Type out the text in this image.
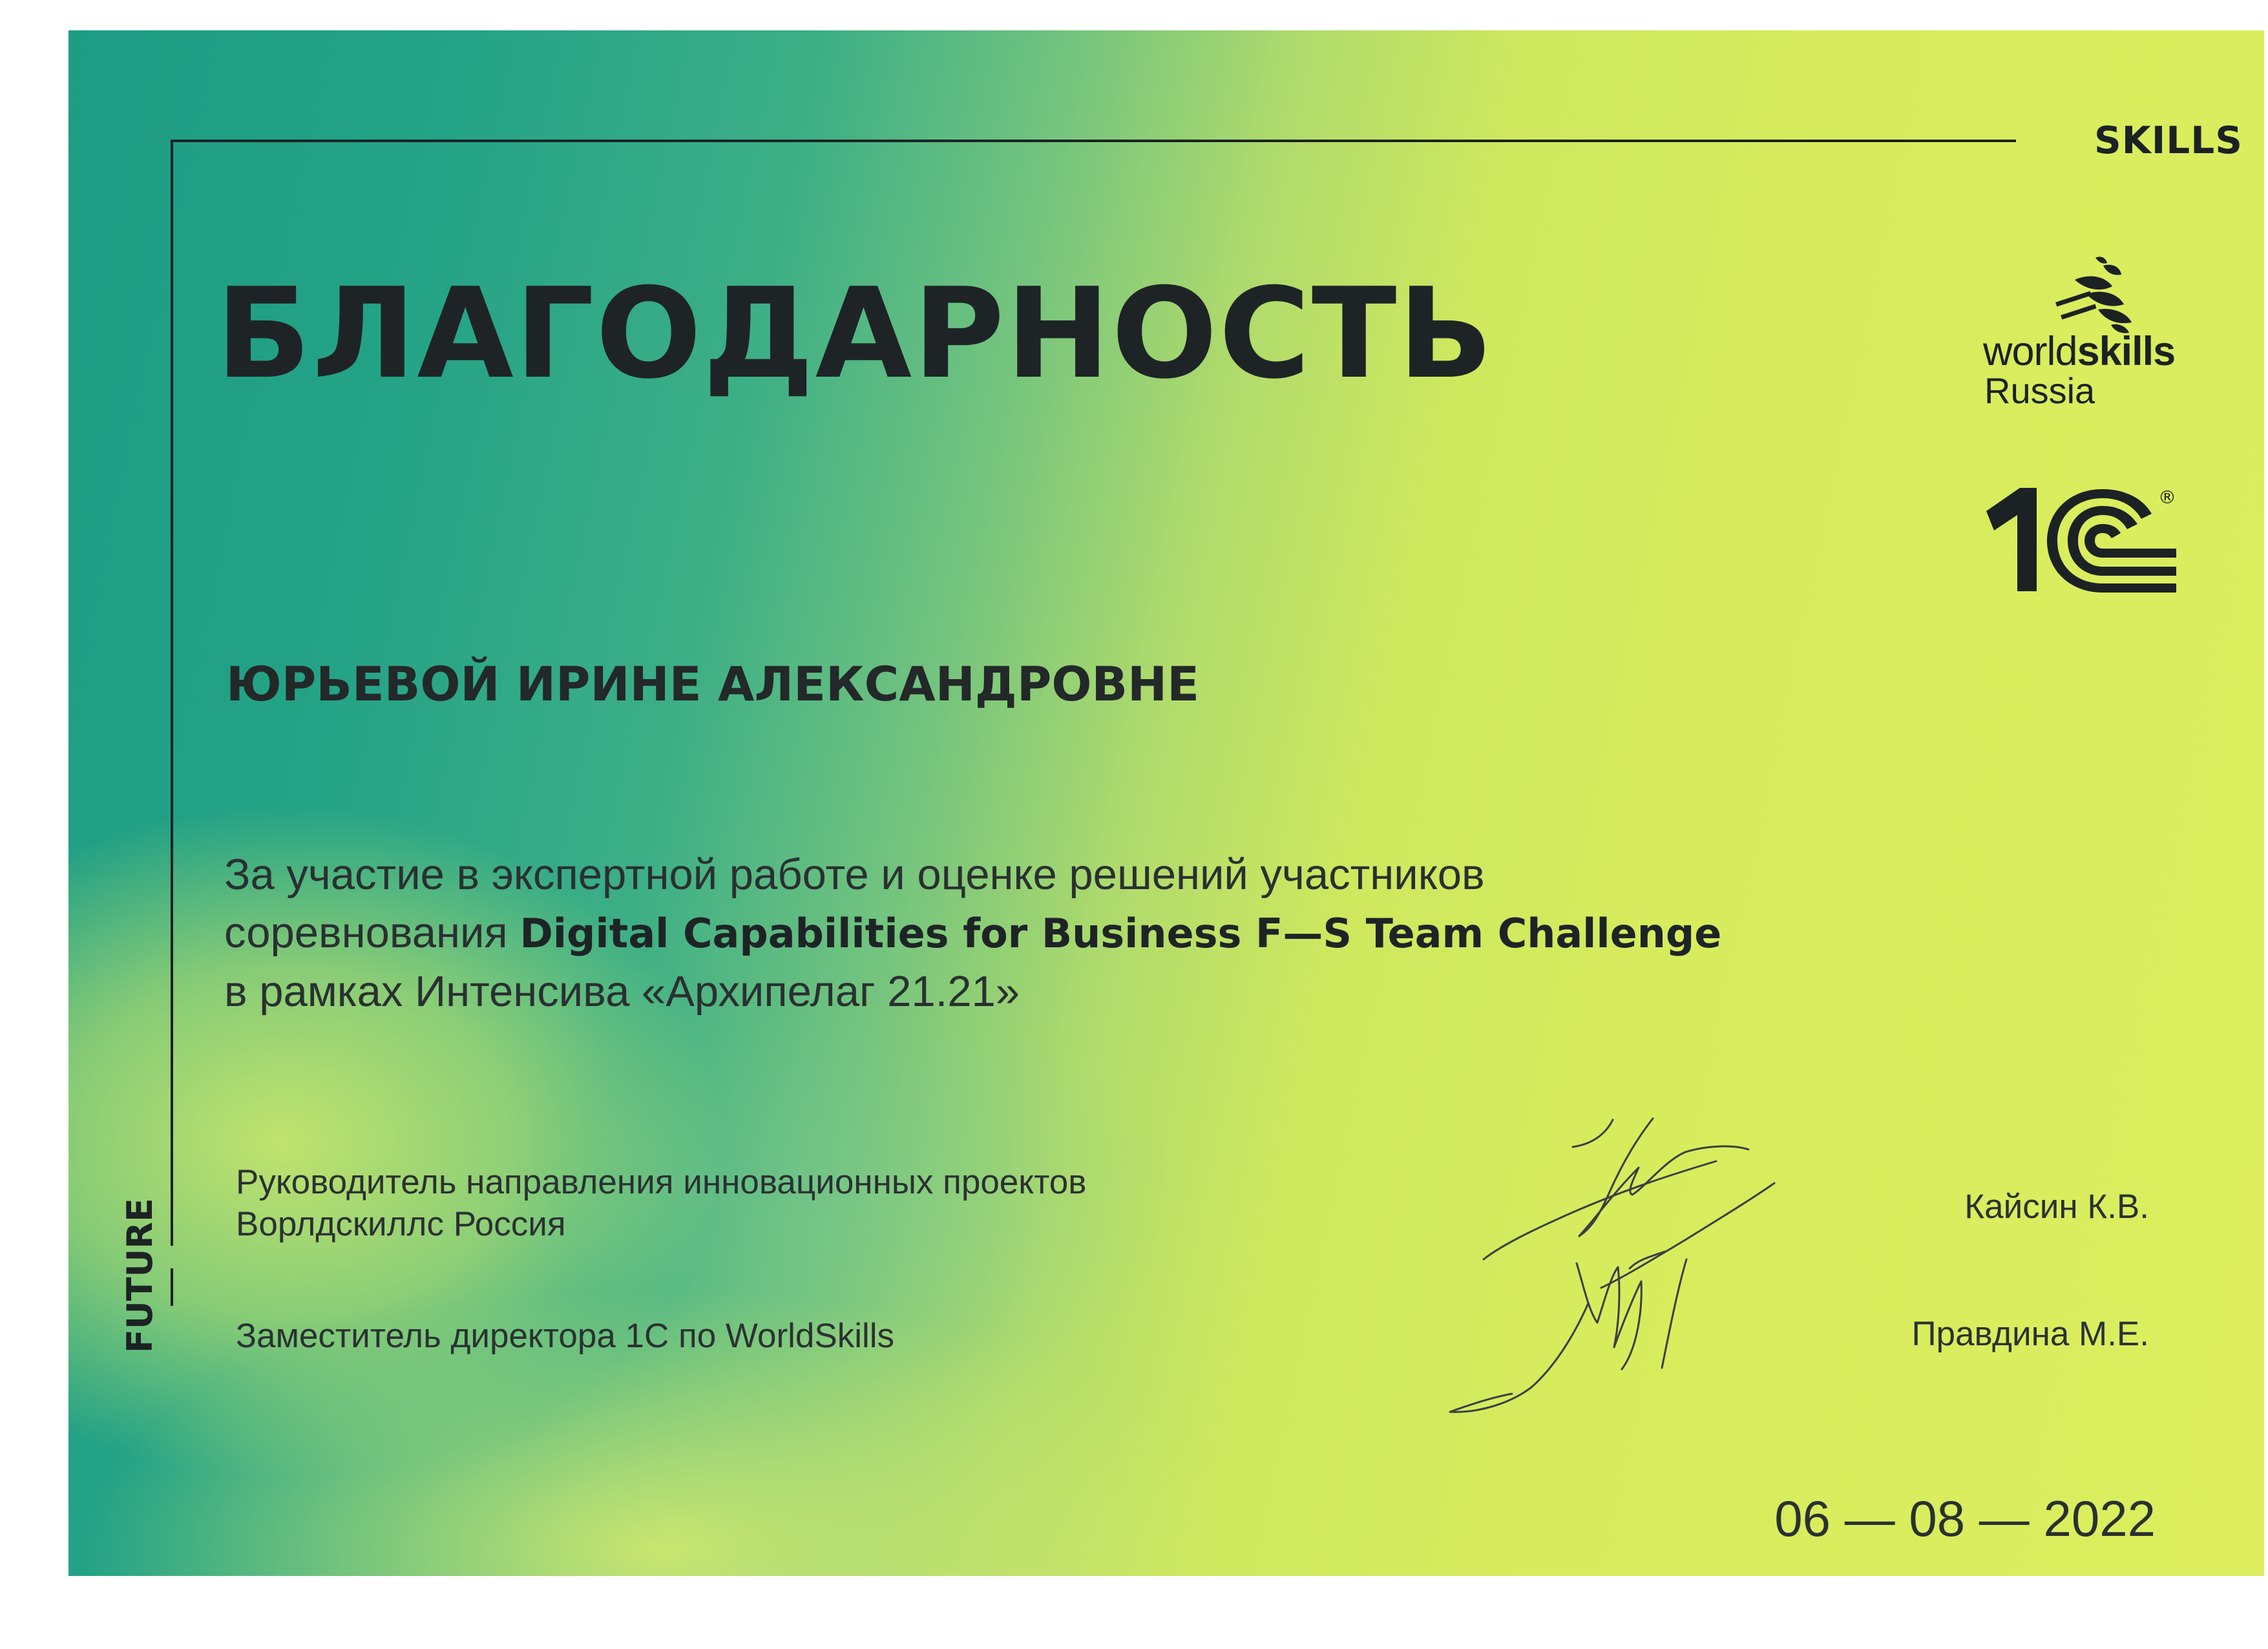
SKILLS
FUTURE
БЛАГОДАРНОСТЬ
ЮРЬЕВОЙ ИРИНЕ АЛЕКСАНДРОВНЕ
За участие в экспертной работе и оценке решений участников
соревнования Digital Capabilities for Business F—S Team Challenge
в рамках Интенсива «Архипелаг 21.21»
Руководитель направления инновационных проектов
Ворлдскиллс Россия
Заместитель директора 1С по WorldSkills
Кайсин К.В.
Правдина М.Е.
06 — 08 — 2022
worldskills
Russia
®
